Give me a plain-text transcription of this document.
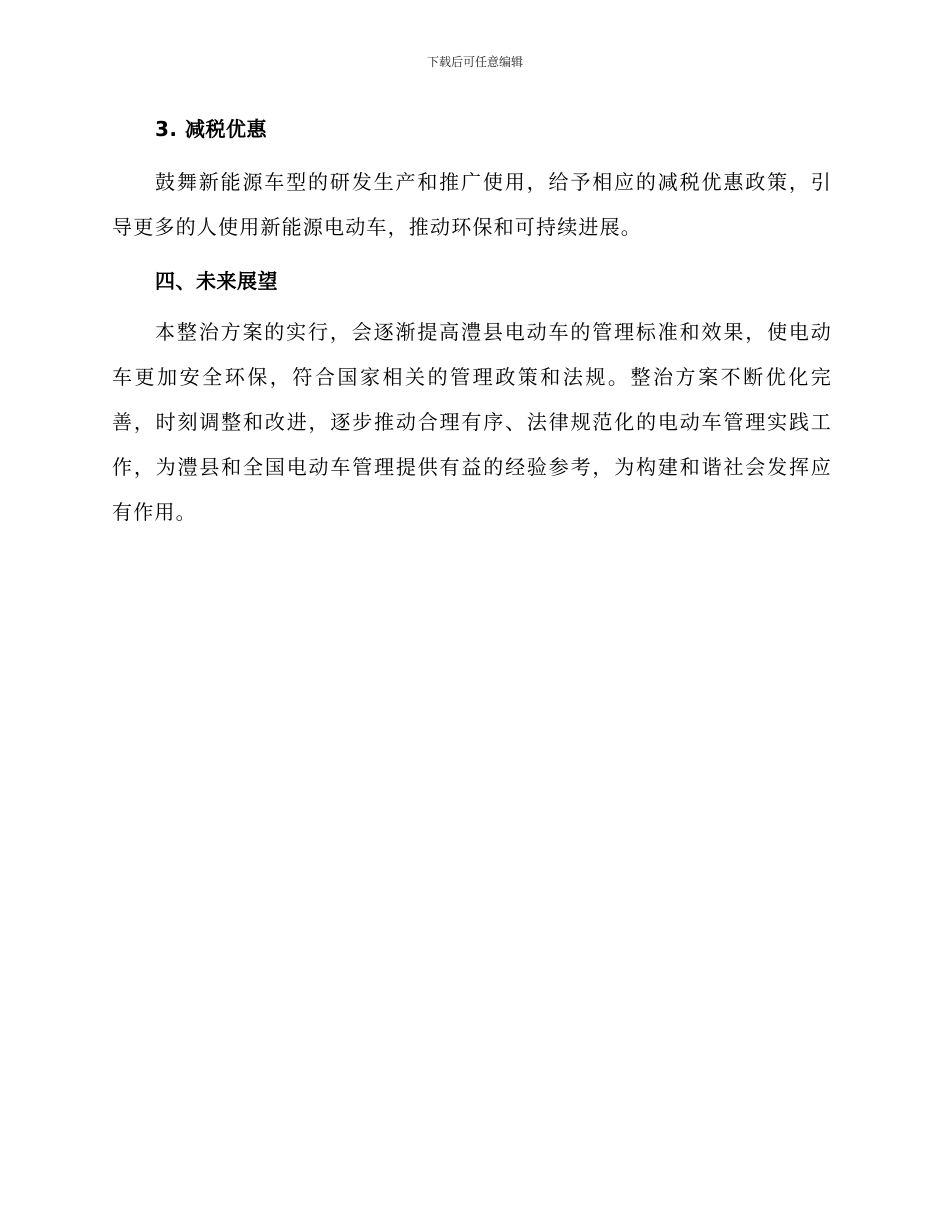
下载后可任意编辑
3. 减税优惠

鼓舞新能源车型的研发生产和推广使用，给予相应的减税优惠政策，引导更多的人使用新能源电动车，推动环保和可持续进展。

四、未来展望

本整治方案的实行，会逐渐提高澧县电动车的管理标准和效果，使电动车更加安全环保，符合国家相关的管理政策和法规。整治方案不断优化完善，时刻调整和改进，逐步推动合理有序、法律规范化的电动车管理实践工作，为澧县和全国电动车管理提供有益的经验参考，为构建和谐社会发挥应有作用。
